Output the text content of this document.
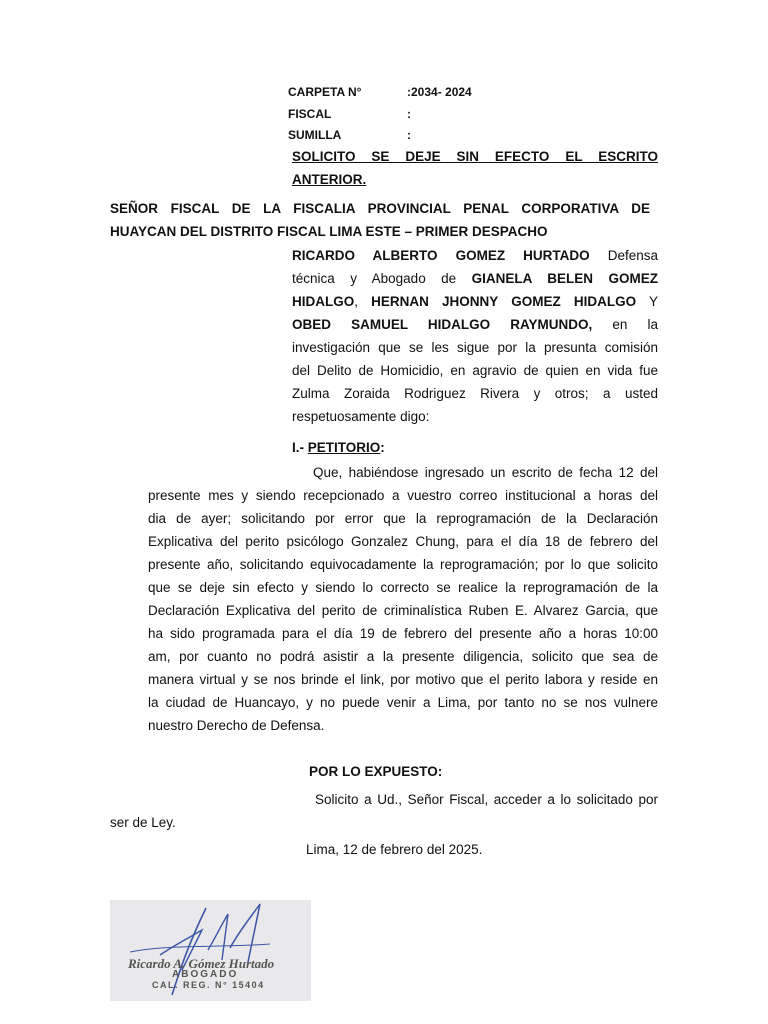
CARPETA N°	:2034- 2024
FISCAL	:
SUMILLA	:
SOLICITO SE DEJE SIN EFECTO EL ESCRITO
ANTERIOR.
SEÑOR FISCAL DE LA FISCALIA PROVINCIAL PENAL CORPORATIVA DE
HUAYCAN DEL DISTRITO FISCAL LIMA ESTE – PRIMER DESPACHO
RICARDO ALBERTO GOMEZ HURTADO Defensa
técnica y Abogado de GIANELA BELEN GOMEZ
HIDALGO, HERNAN JHONNY GOMEZ HIDALGO Y
OBED SAMUEL HIDALGO RAYMUNDO, en la
investigación que se les sigue por la presunta comisión
del Delito de Homicidio, en agravio de quien en vida fue
Zulma Zoraida Rodriguez Rivera y otros; a usted
respetuosamente digo:
I.- PETITORIO:
Que, habiéndose ingresado un escrito de fecha 12 del
presente mes y siendo recepcionado a vuestro correo institucional a horas del
dia de ayer; solicitando por error que la reprogramación de la Declaración
Explicativa del perito psicólogo Gonzalez Chung, para el día 18 de febrero del
presente año, solicitando equivocadamente la reprogramación; por lo que solicito
que se deje sin efecto y siendo lo correcto se realice la reprogramación de la
Declaración Explicativa del perito de criminalística Ruben E. Alvarez Garcia, que
ha sido programada para el día 19 de febrero del presente año a horas 10:00
am, por cuanto no podrá asistir a la presente diligencia, solicito que sea de
manera virtual y se nos brinde el link, por motivo que el perito labora y reside en
la ciudad de Huancayo, y no puede venir a Lima, por tanto no se nos vulnere
nuestro Derecho de Defensa.
POR LO EXPUESTO:
Solicito a Ud., Señor Fiscal, acceder a lo solicitado por
ser de Ley.
Lima, 12 de febrero del 2025.
Ricardo A. Gómez Hurtado
ABOGADO
CAL. REG. N° 15404
